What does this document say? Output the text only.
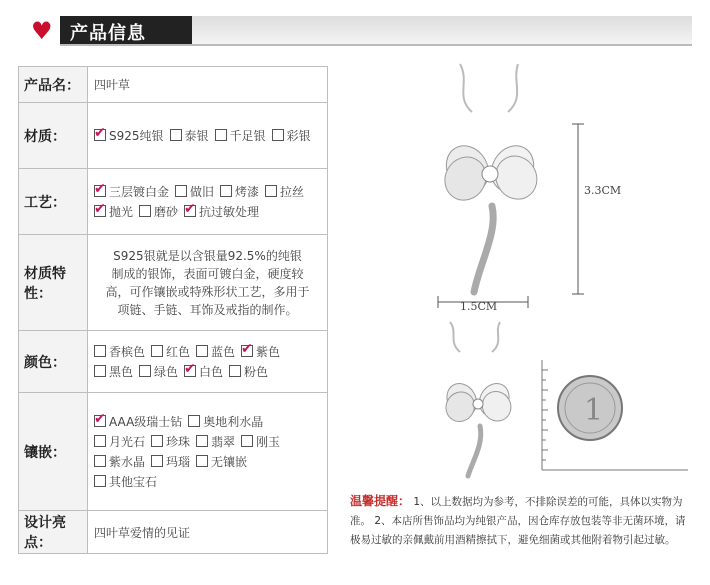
♥ 产品信息
产品名：	四叶草
材质：	✔S925纯银 泰银 千足银 彩银
工艺：	✔三层镀白金 做旧 烤漆 拉丝✔抛光 磨砂 ✔ 抗过敏处理
材质特性：	S925银就是以含银量92.5%的纯银
制成的银饰，表面可镀白金，硬度较
高，可作镶嵌或特殊形状工艺，多用于
项链、手链、耳饰及戒指的制作。

颜色：	香槟色 红色 蓝色 ✔ 紫色黑色 绿色 ✔ 白色 粉色
镶嵌：	✔AAA级瑞士钻 奥地利水晶月光石 珍珠 翡翠 刚玉紫水晶 玛瑙 无镶嵌其他宝石
设计亮点：	四叶草爱情的见证
3.3CM
1.5CM
1
温馨提醒： 1、以上数据均为参考，不排除误差的可能，具体以实物为准。 2、本店所售饰品均为纯银产品，因仓库存放包装等非无菌环境，请极易过敏的亲佩戴前用酒精擦拭下，避免细菌或其他附着物引起过敏。
